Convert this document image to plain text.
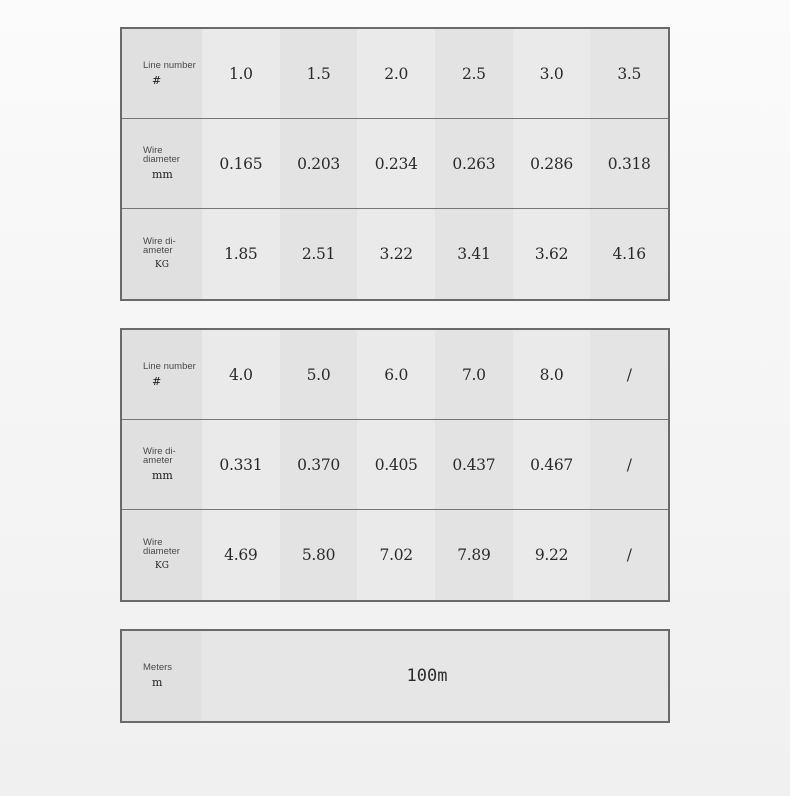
Line number
#	1.0	1.5	2.0	2.5	3.0	3.5
Wire diameter
mm
0.165	0.203	0.234	0.263	0.286	0.318
Wire di-ameter
KG
1.85	2.51	3.22	3.41	3.62	4.16
Line number
#	4.0	5.0	6.0	7.0	8.0	/
Wire di-ameter
mm
0.331	0.370	0.405	0.437	0.467	/
Wire diameter
KG
4.69	5.80	7.02	7.89	9.22	/
Meters
m	100m
